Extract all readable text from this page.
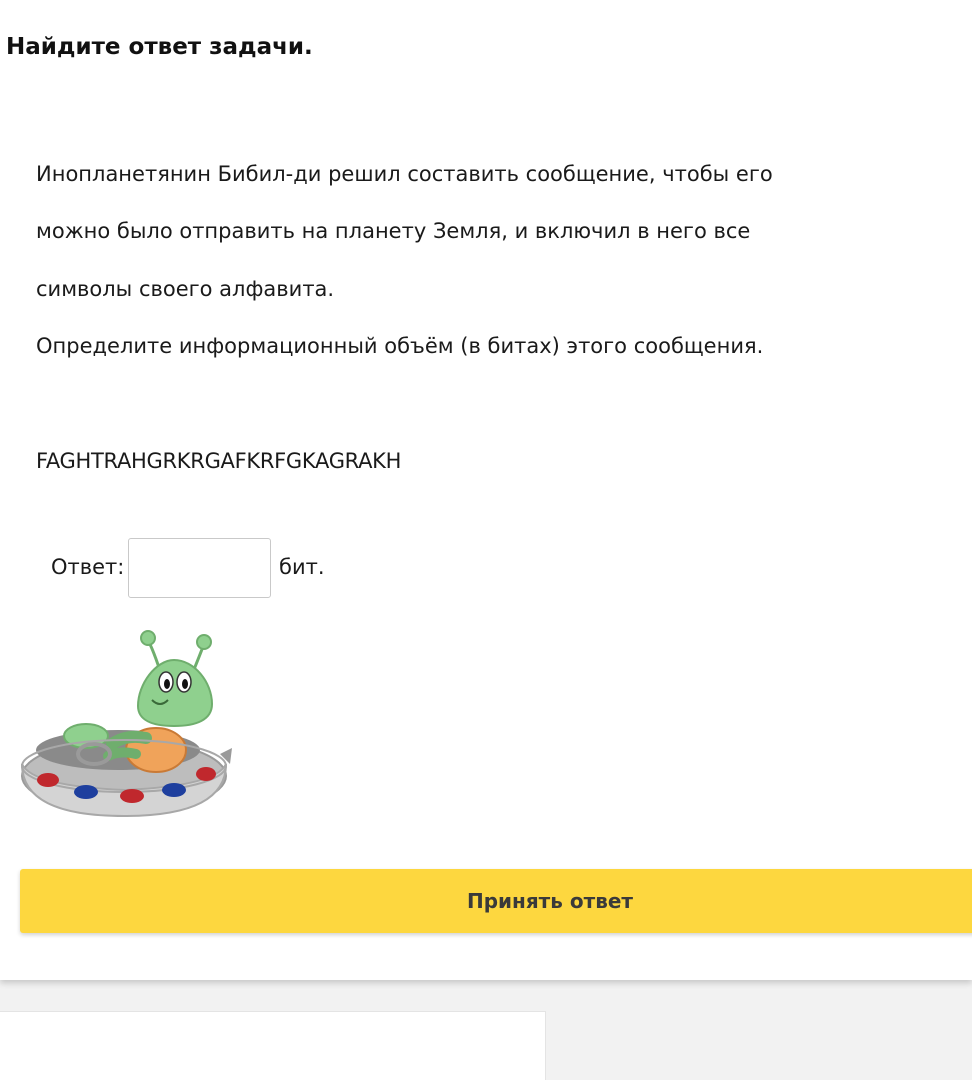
Найдите ответ задачи.
Инопланетянин Бибил-ди решил составить сообщение, чтобы его
можно было отправить на планету Земля, и включил в него все
символы своего алфавита.
Определите информационный объём (в битах) этого сообщения.
FAGHTRAHGRKRGAFKRFGKAGRAKH
Ответ:	бит.
Принять ответ
